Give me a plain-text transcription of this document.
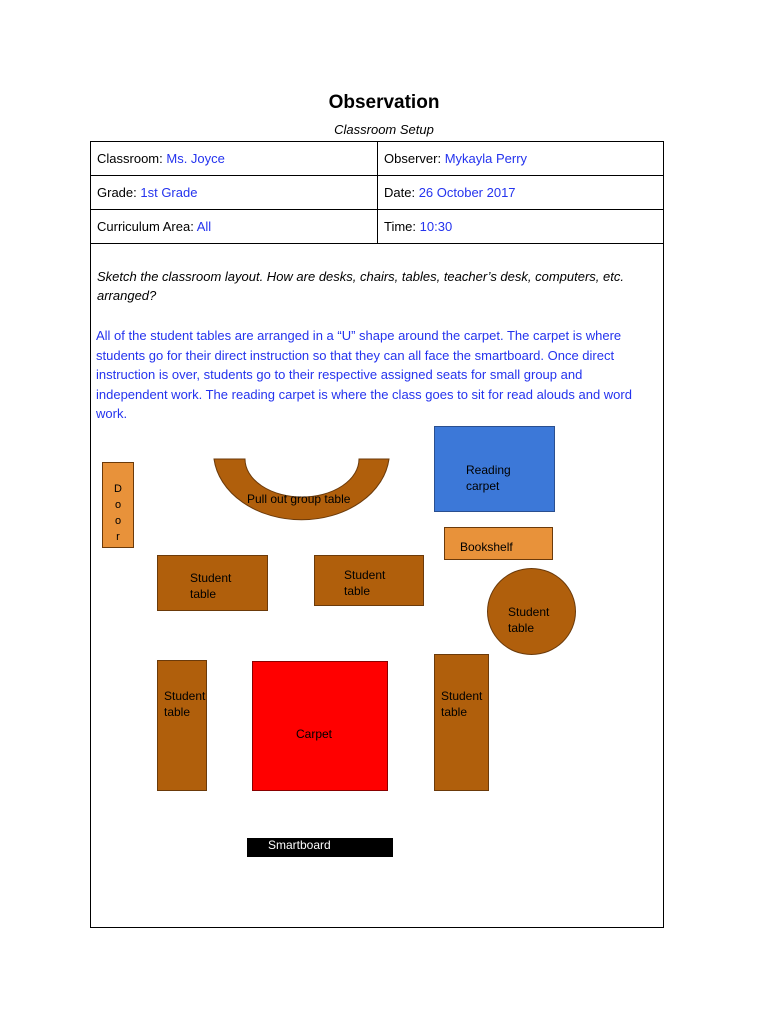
Observation
Classroom Setup
Classroom: Ms. Joyce	Observer: Mykayla Perry
Grade: 1st Grade	Date: 26 October 2017
Curriculum Area: All	Time: 10:30
Sketch the classroom layout. How are desks, chairs, tables, teacher’s desk, computers, etc. arranged?
All of the student tables are arranged in a “U” shape around the carpet. The carpet is where students go for their direct instruction so that they can all face the smartboard. Once direct instruction is over, students go to their respective assigned seats for small group and independent work. The reading carpet is where the class goes to sit for read alouds and word work.
D
o
o
r
Pull out group table
Reading
carpet
Bookshelf
Student
table
Student
table
Student
table
Student
table
Carpet
Student
table
Smartboard
